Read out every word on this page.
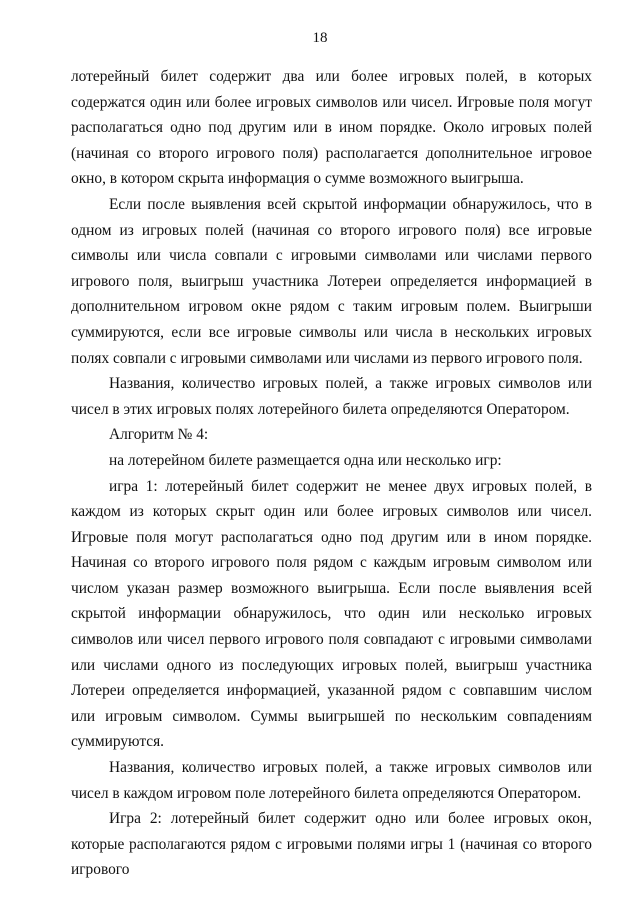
18

лотерейный билет содержит два или более игровых полей, в которых содержатся один или более игровых символов или чисел. Игровые поля могут располагаться одно под другим или в ином порядке. Около игровых полей (начиная со второго игрового поля) располагается дополнительное игровое окно, в котором скрыта информация о сумме возможного выигрыша.

Если после выявления всей скрытой информации обнаружилось, что в одном из игровых полей (начиная со второго игрового поля) все игровые символы или числа совпали с игровыми символами или числами первого игрового поля, выигрыш участника Лотереи определяется информацией в дополнительном игровом окне рядом с таким игровым полем. Выигрыши суммируются, если все игровые символы или числа в нескольких игровых полях совпали с игровыми символами или числами из первого игрового поля.

Названия, количество игровых полей, а также игровых символов или чисел в этих игровых полях лотерейного билета определяются Оператором.

Алгоритм № 4:

на лотерейном билете размещается одна или несколько игр:

игра 1: лотерейный билет содержит не менее двух игровых полей, в каждом из которых скрыт один или более игровых символов или чисел. Игровые поля могут располагаться одно под другим или в ином порядке. Начиная со второго игрового поля рядом с каждым игровым символом или числом указан размер возможного выигрыша. Если после выявления всей скрытой информации обнаружилось, что один или несколько игровых символов или чисел первого игрового поля совпадают с игровыми символами или числами одного из последующих игровых полей, выигрыш участника Лотереи определяется информацией, указанной рядом с совпавшим числом или игровым символом. Суммы выигрышей по нескольким совпадениям суммируются.

Названия, количество игровых полей, а также игровых символов или чисел в каждом игровом поле лотерейного билета определяются Оператором.

Игра 2: лотерейный билет содержит одно или более игровых окон, которые располагаются рядом с игровыми полями игры 1 (начиная со второго игрового
